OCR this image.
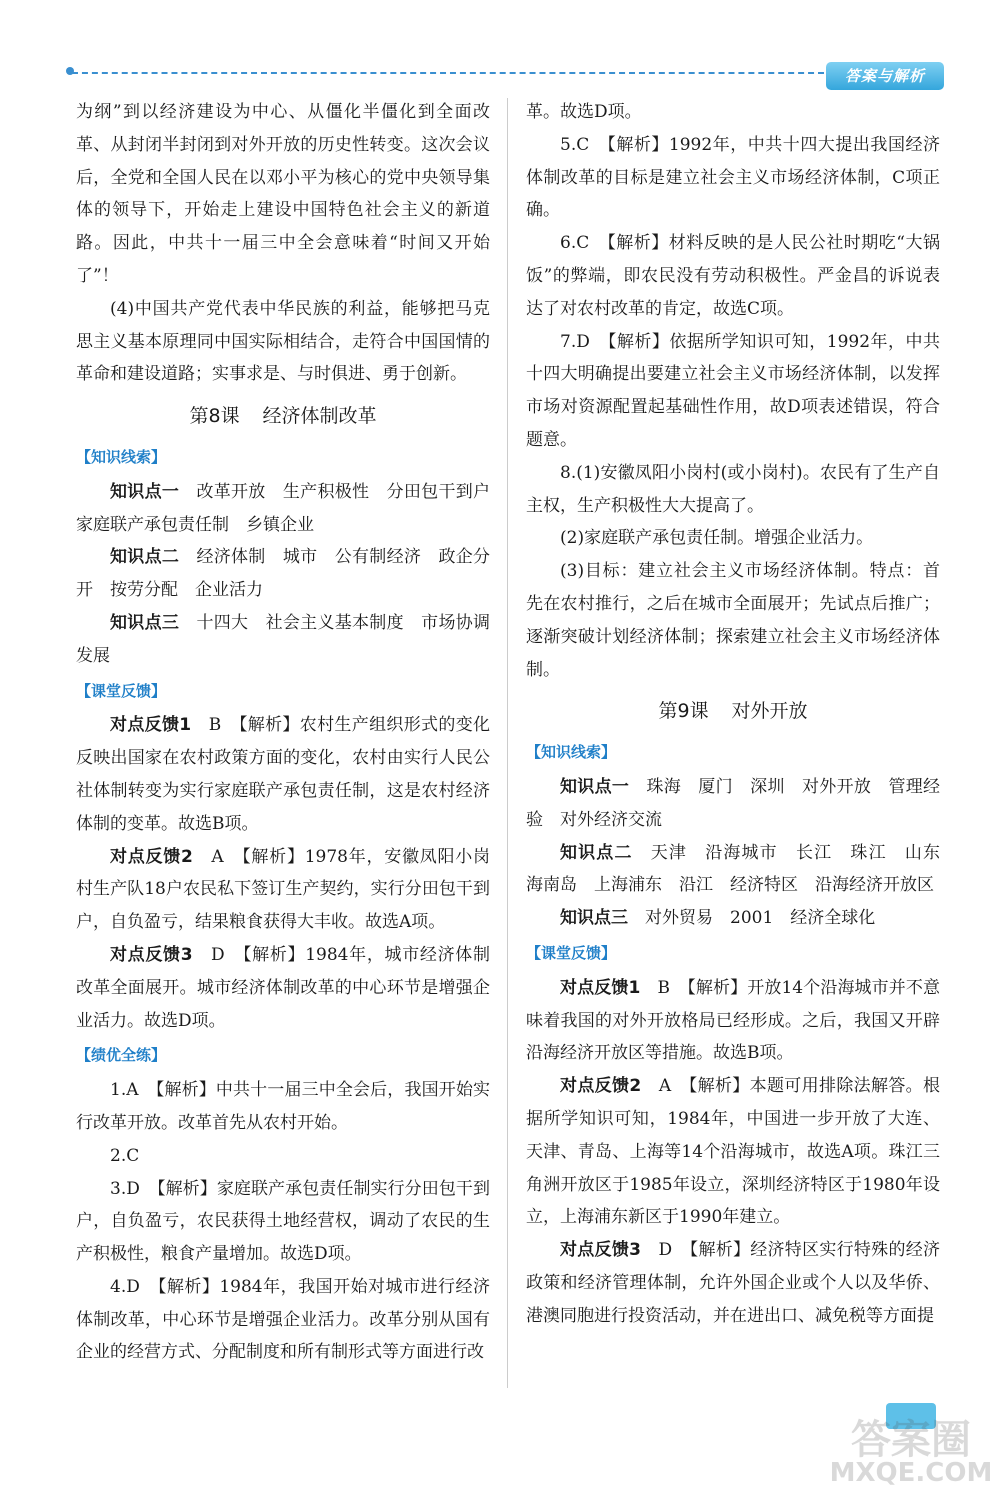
答案与解析

为纲”到以经济建设为中心、从僵化半僵化到全面改革、从封闭半封闭到对外开放的历史性转变。这次会议后，全党和全国人民在以邓小平为核心的党中央领导集体的领导下，开始走上建设中国特色社会主义的新道路。因此，中共十一届三中全会意味着“时间又开始了”！

(4)中国共产党代表中华民族的利益，能够把马克思主义基本原理同中国实际相结合，走符合中国国情的革命和建设道路；实事求是、与时俱进、勇于创新。

第8课 经济体制改革
【知识线索】

知识点一　 改革开放　生产积极性　分田包干到户　家庭联产承包责任制　乡镇企业

知识点二　 经济体制　城市　公有制经济　政企分开　按劳分配　企业活力

知识点三　 十四大　社会主义基本制度　市场协调发展

【课堂反馈】

对点反馈1　 B　 【解析】农村生产组织形式的变化反映出国家在农村政策方面的变化，农村由实行人民公社体制转变为实行家庭联产承包责任制，这是农村经济体制的变革。故选B项。

对点反馈2　 A　 【解析】1978年，安徽凤阳小岗村生产队18户农民私下签订生产契约，实行分田包干到户，自负盈亏，结果粮食获得大丰收。故选A项。

对点反馈3　 D　 【解析】1984年，城市经济体制改革全面展开。城市经济体制改革的中心环节是增强企业活力。故选D项。

【绩优全练】

1.A　 【解析】中共十一届三中全会后，我国开始实行改革开放。改革首先从农村开始。

2.C

3.D　 【解析】家庭联产承包责任制实行分田包干到户，自负盈亏，农民获得土地经营权，调动了农民的生产积极性，粮食产量增加。故选D项。

4.D　 【解析】1984年，我国开始对城市进行经济体制改革，中心环节是增强企业活力。改革分别从国有企业的经营方式、分配制度和所有制形式等方面进行改

革。故选D项。

5.C　 【解析】1992年，中共十四大提出我国经济体制改革的目标是建立社会主义市场经济体制，C项正确。

6.C　 【解析】材料反映的是人民公社时期吃“大锅饭”的弊端，即农民没有劳动积极性。严金昌的诉说表达了对农村改革的肯定，故选C项。

7.D　 【解析】依据所学知识可知，1992年，中共十四大明确提出要建立社会主义市场经济体制，以发挥市场对资源配置起基础性作用，故D项表述错误，符合题意。

8.(1)安徽凤阳小岗村(或小岗村)。农民有了生产自主权，生产积极性大大提高了。

(2)家庭联产承包责任制。增强企业活力。

(3)目标：建立社会主义市场经济体制。特点：首先在农村推行，之后在城市全面展开；先试点后推广；逐渐突破计划经济体制；探索建立社会主义市场经济体制。

第9课 对外开放
【知识线索】

知识点一　 珠海　厦门　深圳　对外开放　管理经验　对外经济交流

知识点二　 天津　沿海城市　长江　珠江　山东　海南岛　上海浦东　沿江　经济特区　沿海经济开放区

知识点三　 对外贸易　2001　经济全球化

【课堂反馈】

对点反馈1　 B　 【解析】开放14个沿海城市并不意味着我国的对外开放格局已经形成。之后，我国又开辟沿海经济开放区等措施。故选B项。

对点反馈2　 A　 【解析】本题可用排除法解答。根据所学知识可知，1984年，中国进一步开放了大连、天津、青岛、上海等14个沿海城市，故选A项。珠江三角洲开放区于1985年设立，深圳经济特区于1980年设立，上海浦东新区于1990年建立。

对点反馈3　 D　 【解析】经济特区实行特殊的经济政策和经济管理体制，允许外国企业或个人以及华侨、港澳同胞进行投资活动，并在进出口、减免税等方面提

答案圈
MXQE.COM
